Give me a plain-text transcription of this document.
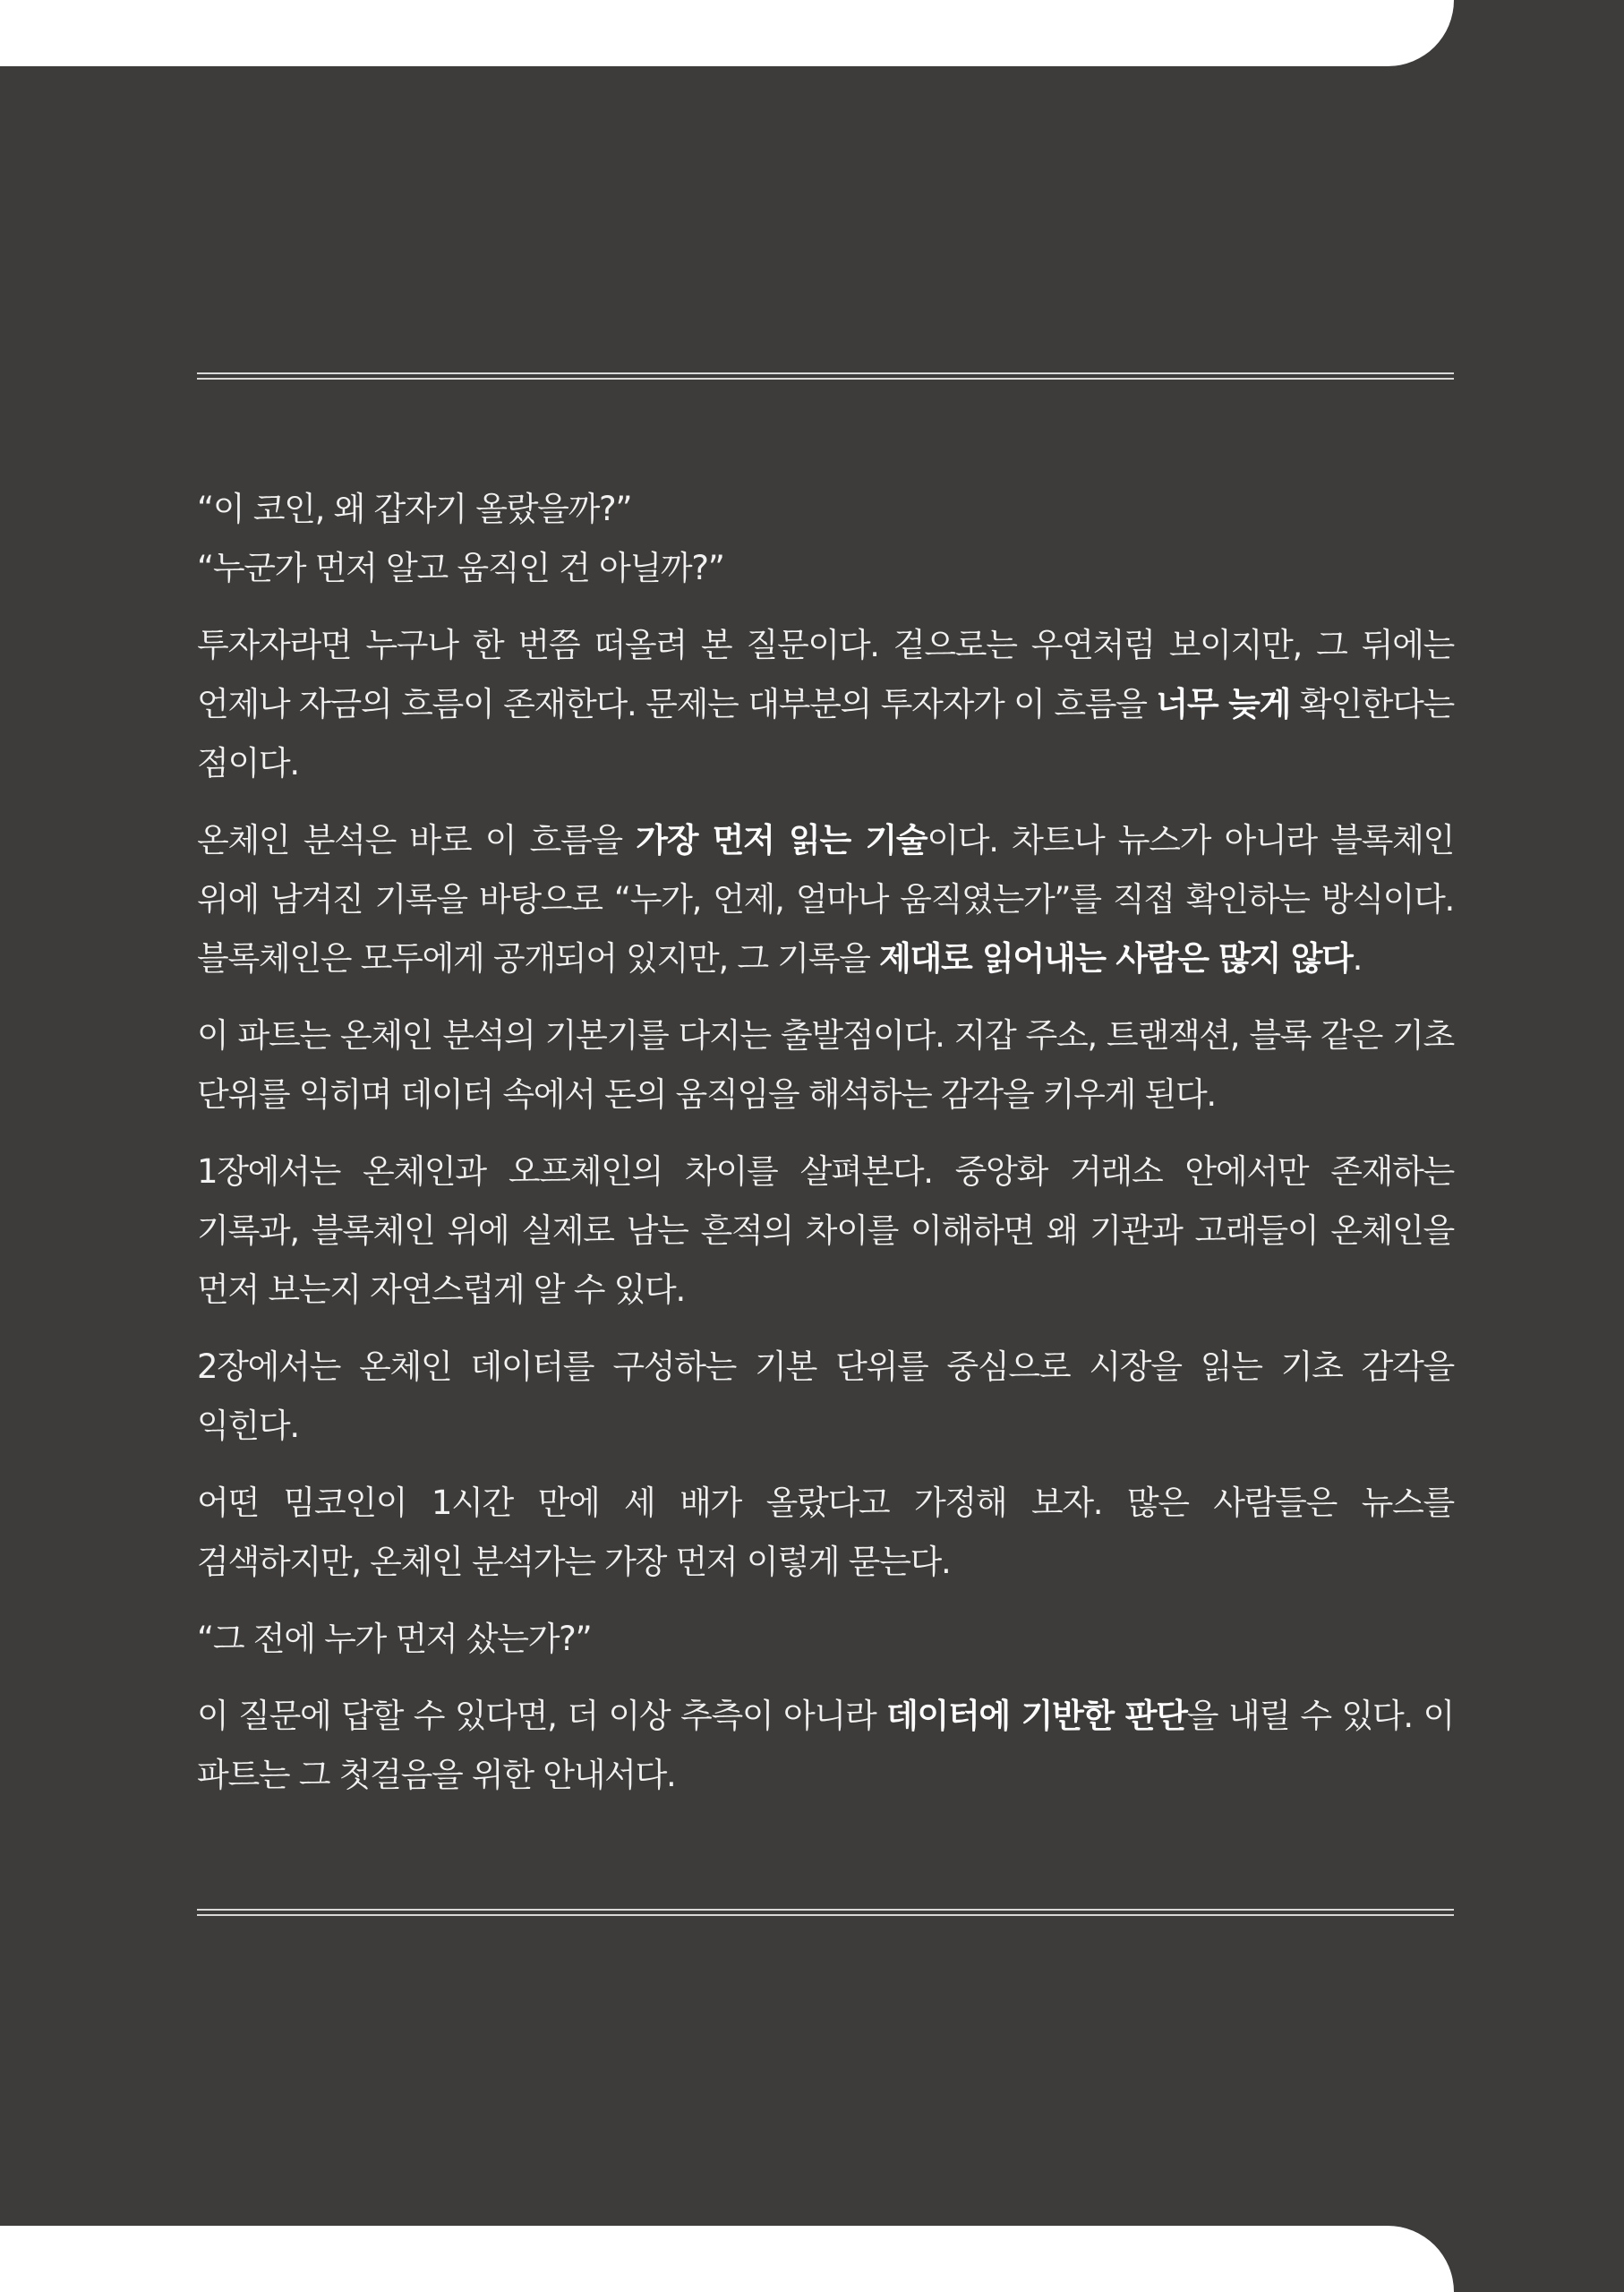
“이 코인, 왜 갑자기 올랐을까?”

“누군가 먼저 알고 움직인 건 아닐까?”

투자자라면 누구나 한 번쯤 떠올려 본 질문이다. 겉으로는 우연처럼 보이지만, 그 뒤에는 언제나 자금의 흐름이 존재한다. 문제는 대부분의 투자자가 이 흐름을 너무 늦게 확인한다는 점이다.

온체인 분석은 바로 이 흐름을 가장 먼저 읽는 기술이다. 차트나 뉴스가 아니라 블록체인 위에 남겨진 기록을 바탕으로 “누가, 언제, 얼마나 움직였는가”를 직접 확인하는 방식이다. 블록체인은 모두에게 공개되어 있지만, 그 기록을 제대로 읽어내는 사람은 많지 않다.

이 파트는 온체인 분석의 기본기를 다지는 출발점이다. 지갑 주소, 트랜잭션, 블록 같은 기초 단위를 익히며 데이터 속에서 돈의 움직임을 해석하는 감각을 키우게 된다.

1장에서는 온체인과 오프체인의 차이를 살펴본다. 중앙화 거래소 안에서만 존재하는 기록과, 블록체인 위에 실제로 남는 흔적의 차이를 이해하면 왜 기관과 고래들이 온체인을 먼저 보는지 자연스럽게 알 수 있다.

2장에서는 온체인 데이터를 구성하는 기본 단위를 중심으로 시장을 읽는 기초 감각을 익힌다.

어떤 밈코인이 1시간 만에 세 배가 올랐다고 가정해 보자. 많은 사람들은 뉴스를 검색하지만, 온체인 분석가는 가장 먼저 이렇게 묻는다.

“그 전에 누가 먼저 샀는가?”

이 질문에 답할 수 있다면, 더 이상 추측이 아니라 데이터에 기반한 판단을 내릴 수 있다. 이 파트는 그 첫걸음을 위한 안내서다.
